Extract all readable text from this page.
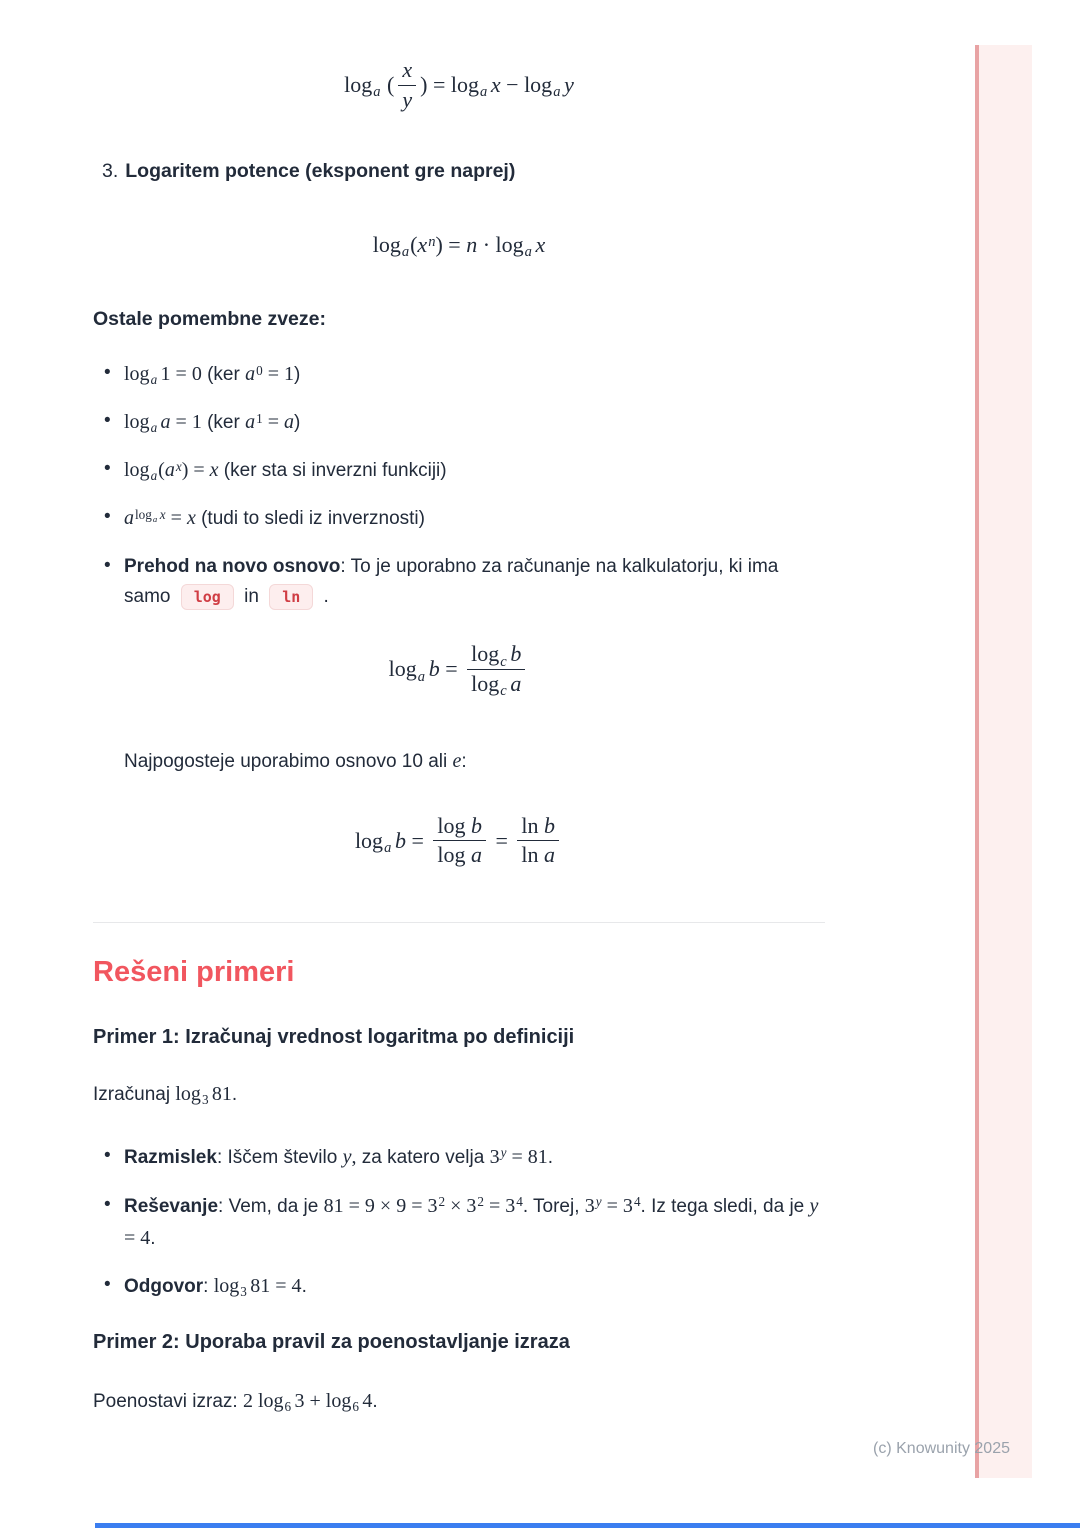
loga ( $\frac{x}{y}$ ) = loga  x − loga  y
3. Logaritem potence (eksponent gre naprej)
$\log a(x^n) = n \cdot \log a$  x
Ostale pomembne zveze:
• loga  1 = 0 (ker $a^0 = 1$)
• loga  a = 1 (ker $a^1 = a$)
• $\log a(a^x) = x$ (ker sta si inverzni funkciji)
• $a^{log_a x} = x$ (tudi to sledi iz inverznosti)
• Prehod na novo osnovo: To je uporabno za računanje na kalkulatorju, ki ima samo log in ln .
loga  $b = \frac{\text{logc  b}}{\text{logc  a}}$
Najpogosteje uporabimo osnovo 10 ali e:
loga  $b = \frac{\text{log b}}{\text{log a}} = \frac{\text{ln b}}{\text{ln a}}$
Rešeni primeri
Primer 1: Izračunaj vrednost logaritma po definiciji
Izračunaj log3  81.
• Razmislek: Iščem število y, za katero velja $3^y = 81$.
• Reševanje: Vem, da je $81 = 9 \times 9 = 3^2 \times 3^2 = 3^4$. Torej, $3^y = 3^4$. Iz tega sledi, da je y = 4.
• Odgovor: log3  81 = 4.
Primer 2: Uporaba pravil za poenostavljanje izraza
Poenostavi izraz: 2 log6  3 + log6  4.
(c) Knowunity 2025
